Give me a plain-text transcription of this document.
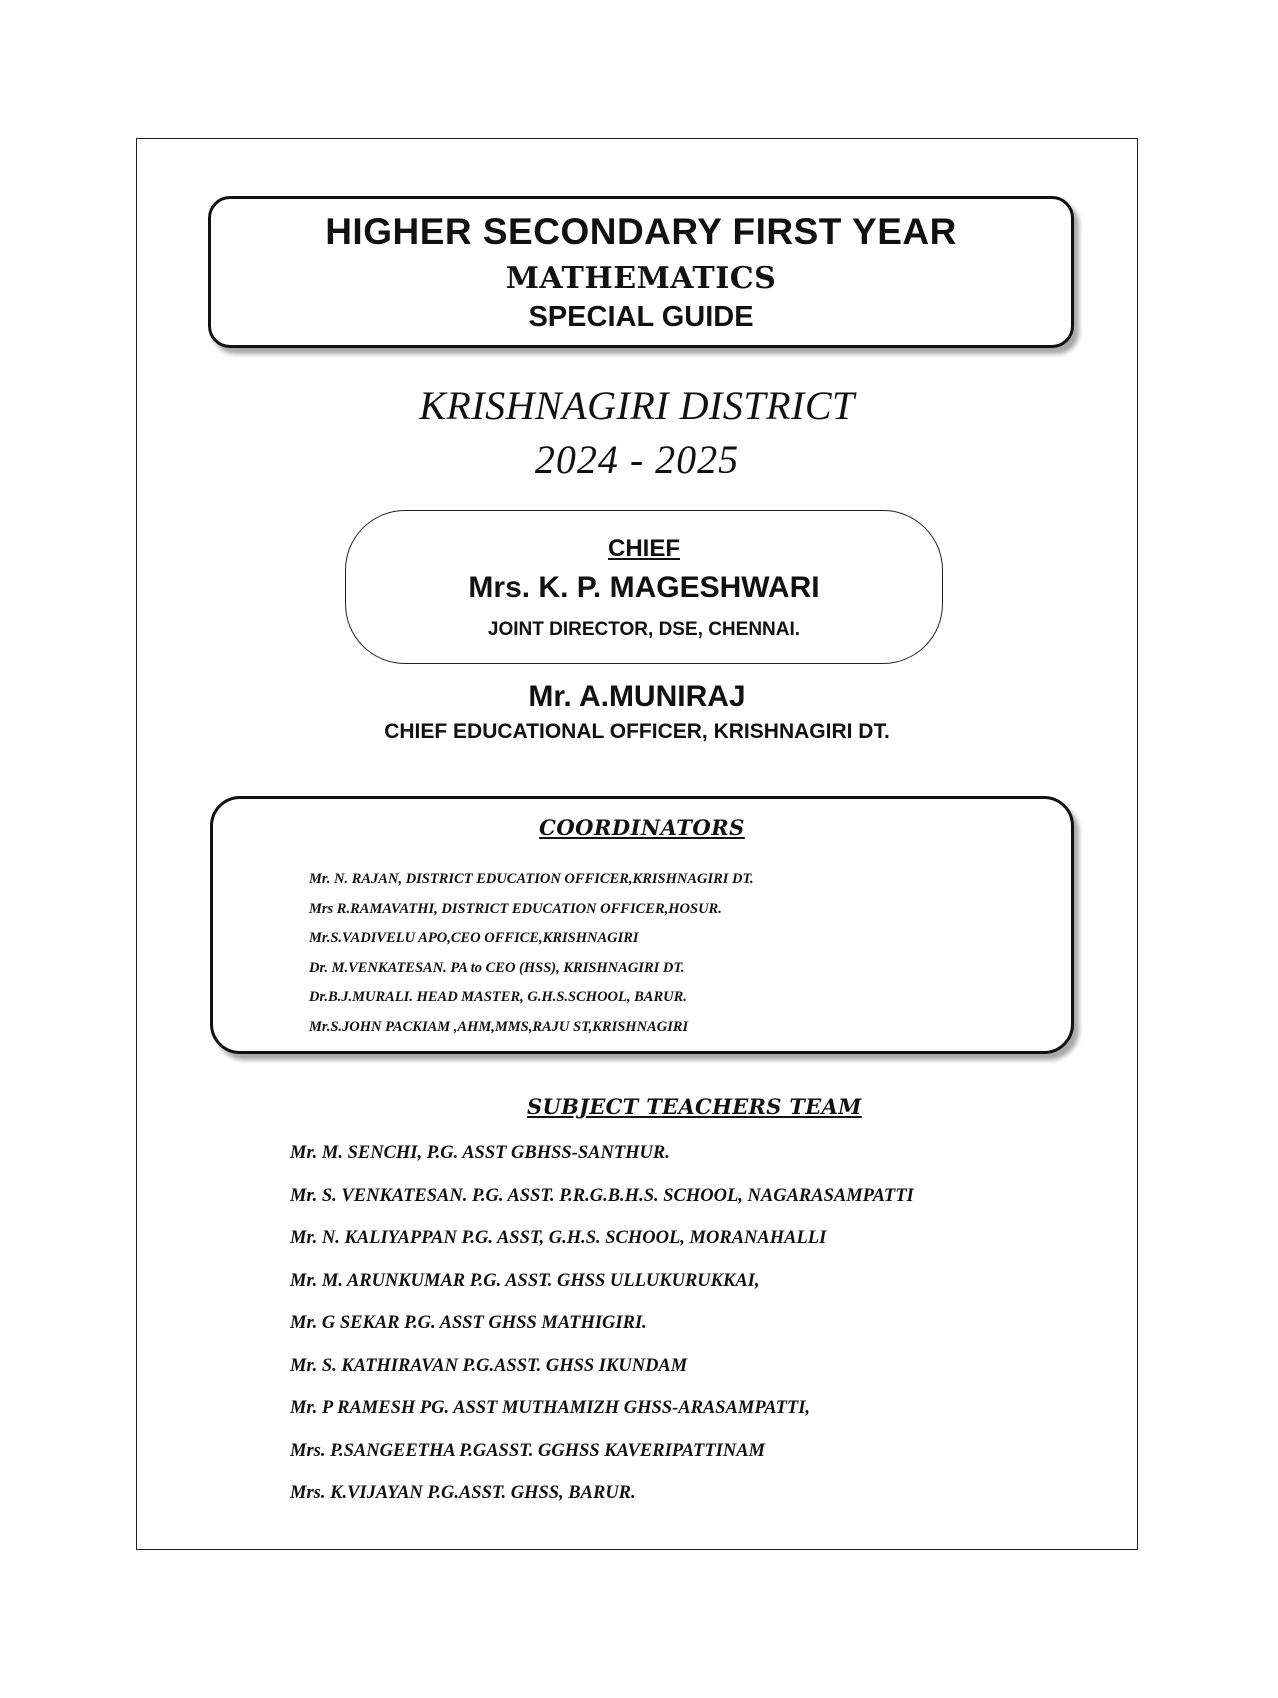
HIGHER SECONDARY FIRST YEAR
MATHEMATICS
SPECIAL GUIDE
KRISHNAGIRI DISTRICT
2024 - 2025
CHIEF
Mrs. K. P. MAGESHWARI
JOINT DIRECTOR, DSE, CHENNAI.
Mr. A.MUNIRAJ
CHIEF EDUCATIONAL OFFICER, KRISHNAGIRI DT.
COORDINATORS
Mr. N. RAJAN, DISTRICT EDUCATION OFFICER,KRISHNAGIRI DT.
Mrs R.RAMAVATHI, DISTRICT EDUCATION OFFICER,HOSUR.
Mr.S.VADIVELU APO,CEO OFFICE,KRISHNAGIRI
Dr. M.VENKATESAN. PA to CEO (HSS), KRISHNAGIRI DT.
Dr.B.J.MURALI. HEAD MASTER, G.H.S.SCHOOL, BARUR.
Mr.S.JOHN PACKIAM ,AHM,MMS,RAJU ST,KRISHNAGIRI
SUBJECT TEACHERS TEAM
Mr. M. SENCHI, P.G. ASST GBHSS-SANTHUR.
Mr. S. VENKATESAN. P.G. ASST. P.R.G.B.H.S. SCHOOL, NAGARASAMPATTI
Mr. N. KALIYAPPAN P.G. ASST, G.H.S. SCHOOL, MORANAHALLI
Mr. M. ARUNKUMAR P.G. ASST. GHSS ULLUKURUKKAI,
Mr. G SEKAR P.G. ASST GHSS MATHIGIRI.
Mr. S. KATHIRAVAN P.G.ASST. GHSS IKUNDAM
Mr. P RAMESH PG. ASST MUTHAMIZH GHSS-ARASAMPATTI,
Mrs. P.SANGEETHA P.GASST. GGHSS KAVERIPATTINAM
Mrs. K.VIJAYAN P.G.ASST. GHSS, BARUR.
